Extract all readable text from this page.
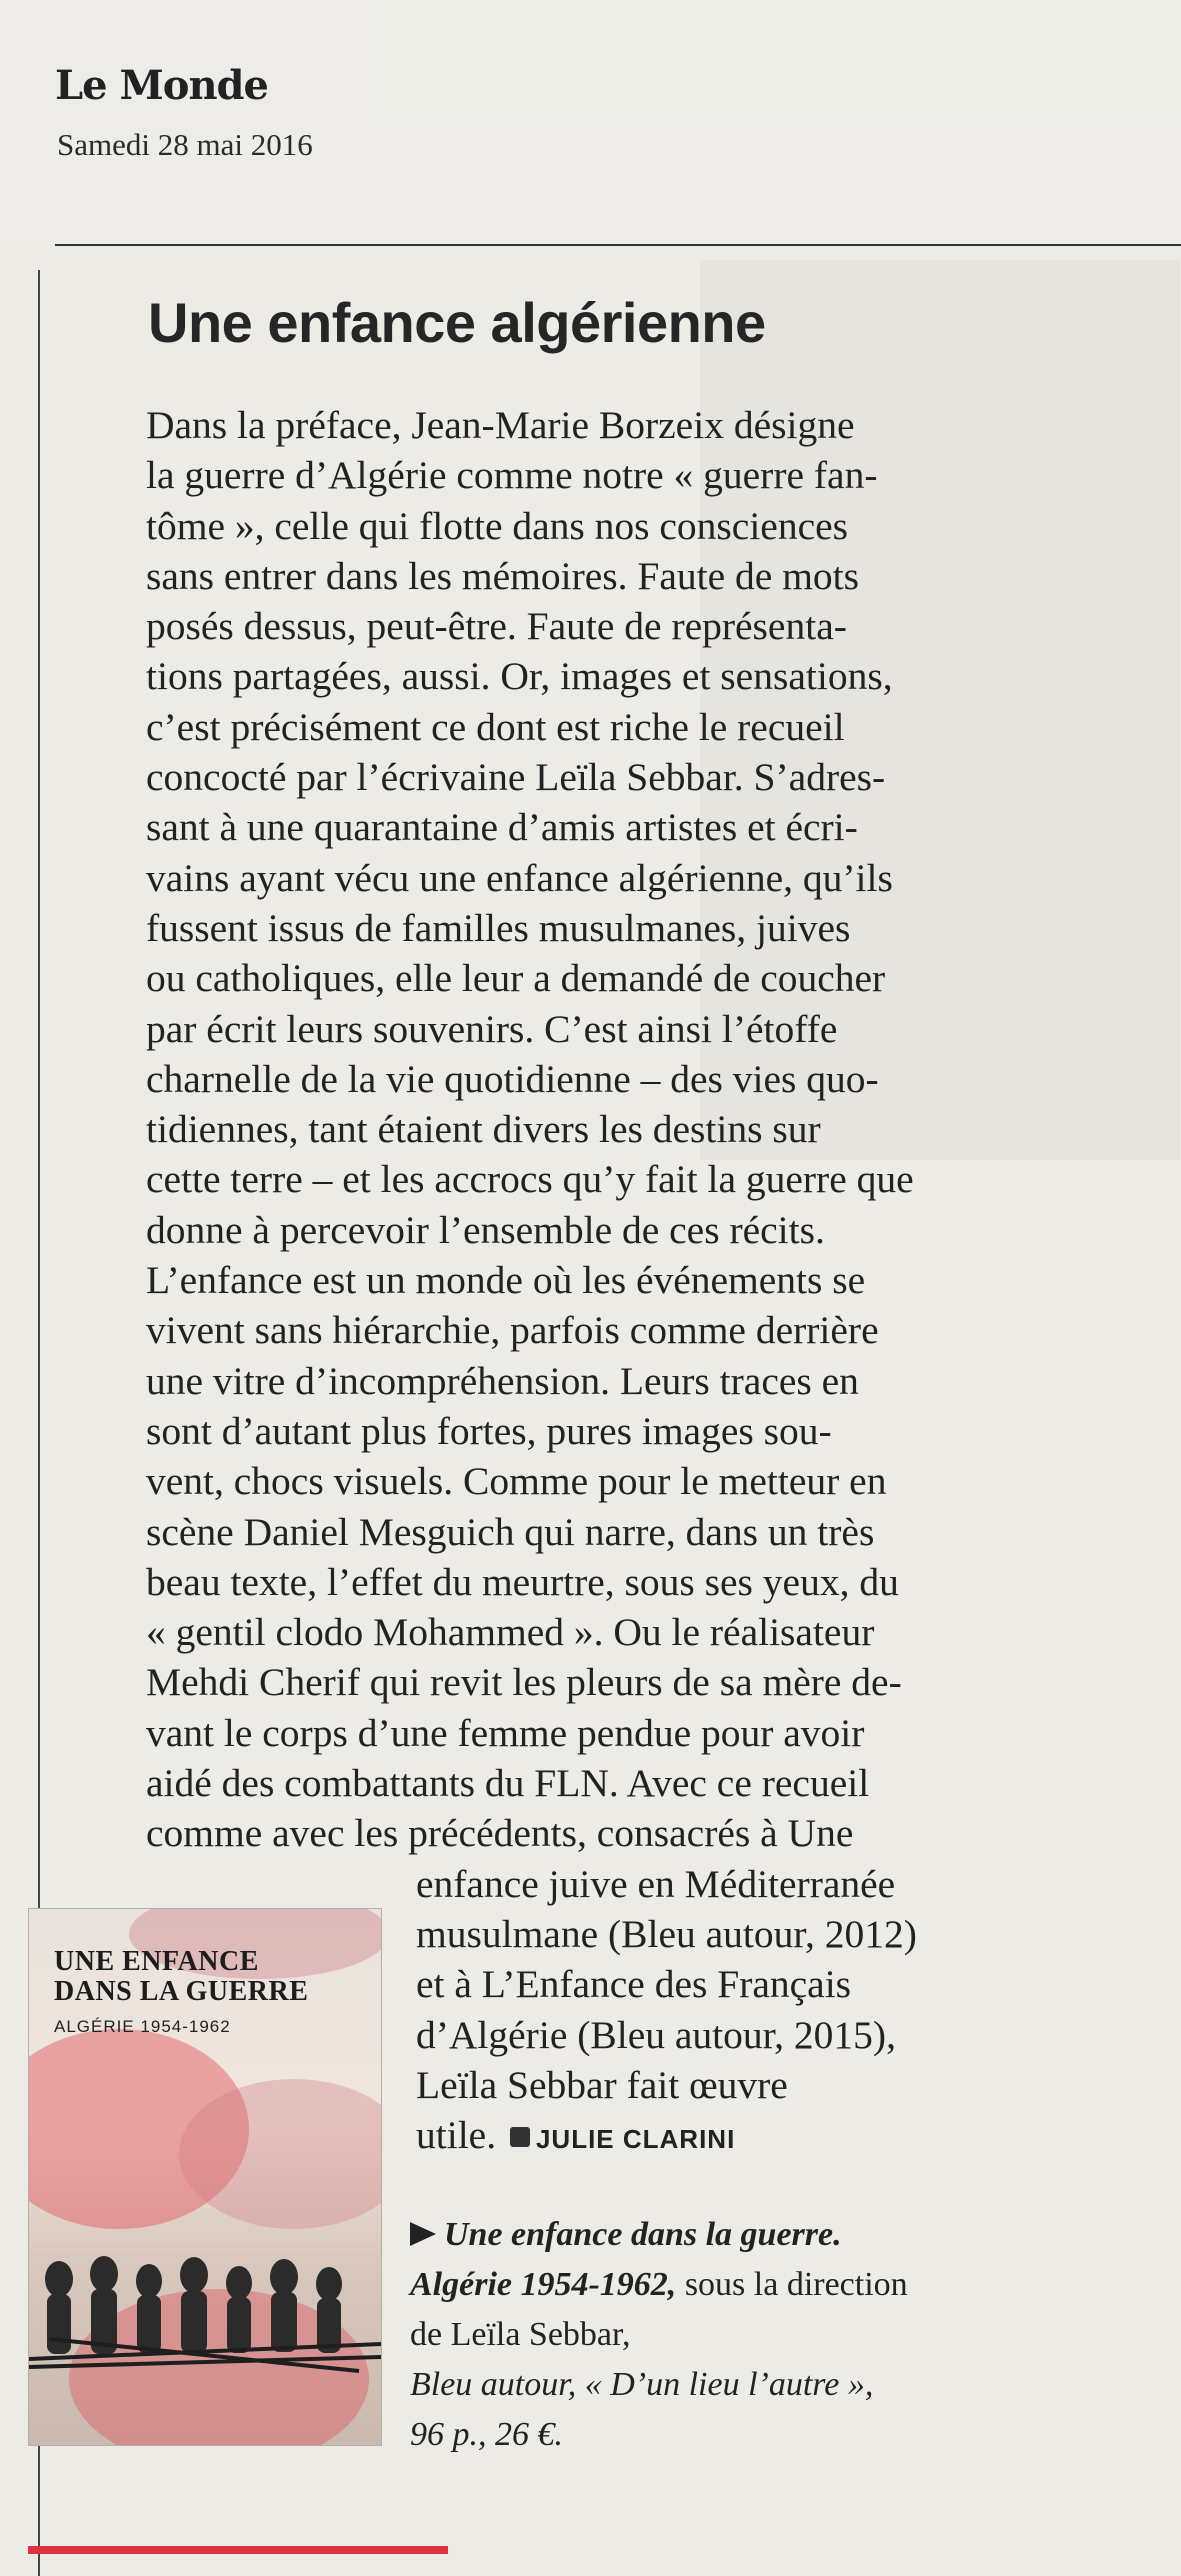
Le Monde
Samedi 28 mai 2016
Une enfance algérienne
Dans la préface, Jean-Marie Borzeix désigne
la guerre d’Algérie comme notre « guerre fan-
tôme », celle qui flotte dans nos consciences
sans entrer dans les mémoires. Faute de mots
posés dessus, peut-être. Faute de représenta-
tions partagées, aussi. Or, images et sensations,
c’est précisément ce dont est riche le recueil
concocté par l’écrivaine Leïla Sebbar. S’adres-
sant à une quarantaine d’amis artistes et écri-
vains ayant vécu une enfance algérienne, qu’ils
fussent issus de familles musulmanes, juives
ou catholiques, elle leur a demandé de coucher
par écrit leurs souvenirs. C’est ainsi l’étoffe
charnelle de la vie quotidienne – des vies quo-
tidiennes, tant étaient divers les destins sur
cette terre – et les accrocs qu’y fait la guerre que
donne à percevoir l’ensemble de ces récits.
L’enfance est un monde où les événements se
vivent sans hiérarchie, parfois comme derrière
une vitre d’incompréhension. Leurs traces en
sont d’autant plus fortes, pures images sou-
vent, chocs visuels. Comme pour le metteur en
scène Daniel Mesguich qui narre, dans un très
beau texte, l’effet du meurtre, sous ses yeux, du
« gentil clodo Mohammed ». Ou le réalisateur
Mehdi Cherif qui revit les pleurs de sa mère de-
vant le corps d’une femme pendue pour avoir
aidé des combattants du FLN. Avec ce recueil
comme avec les précédents, consacrés à Une
enfance juive en Méditerranée
musulmane (Bleu autour, 2012)
et à L’Enfance des Français
d’Algérie (Bleu autour, 2015),
Leïla Sebbar fait œuvre
utile. JULIE CLARINI
Une enfance dans la guerre.
Algérie 1954-1962, sous la direction
de Leïla Sebbar,
Bleu autour, « D’un lieu l’autre »,
96 p., 26 €.
UNE ENFANCE
DANS LA GUERRE
ALGÉRIE 1954-1962
